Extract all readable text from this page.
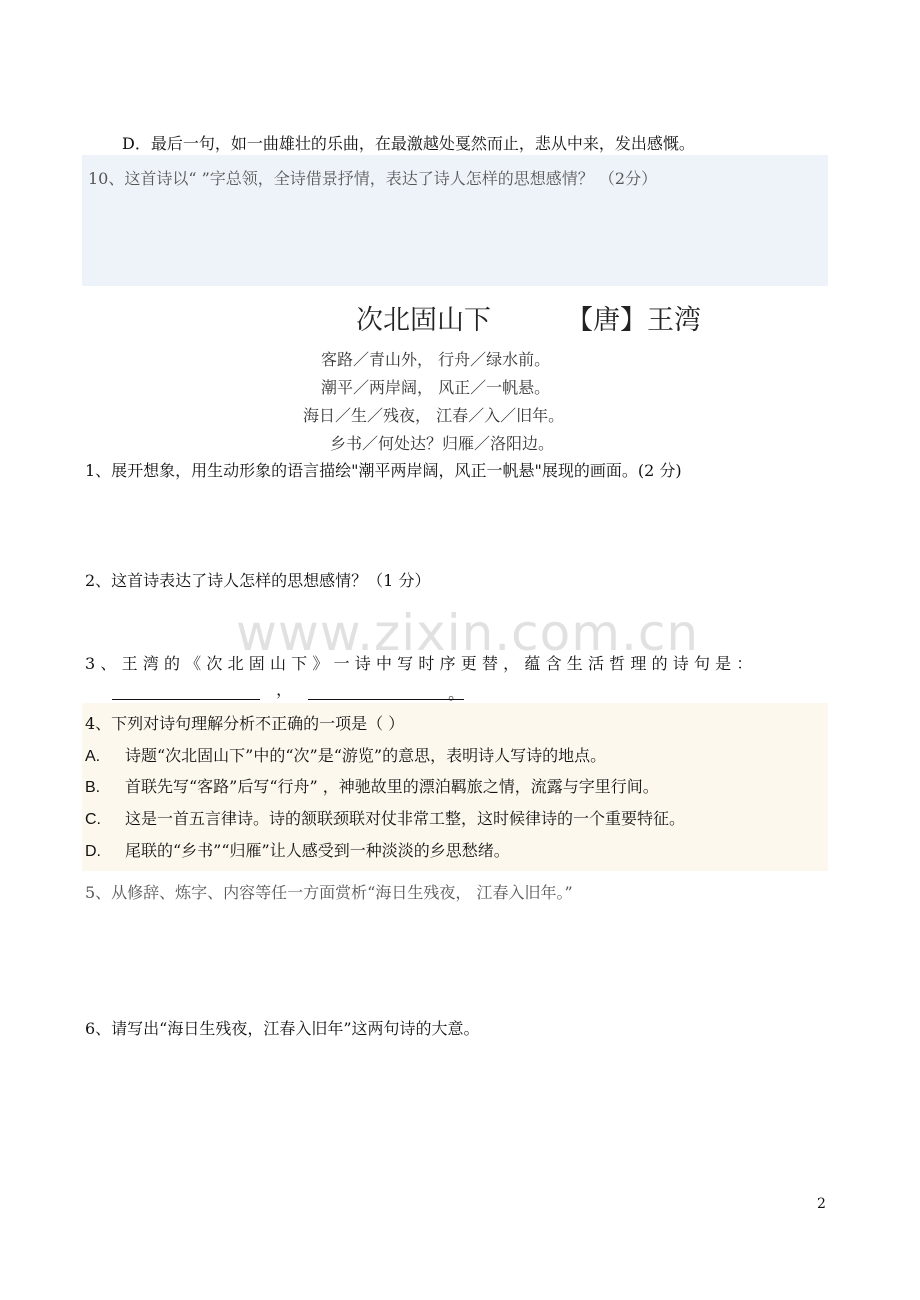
D．最后一句，如一曲雄壮的乐曲，在最激越处戛然而止，悲从中来，发出感慨。
10、这首诗以“ ”字总领，全诗借景抒情，表达了诗人怎样的思想感情？ （2分）
次北固山下	【唐】王湾
客路／青山外， 行舟／绿水前。
潮平／两岸阔， 风正／一帆悬。
海日／生／残夜， 江春／入／旧年。
乡书／何处达？归雁／洛阳边。
1、展开想象，用生动形象的语言描绘"潮平两岸阔，风正一帆悬"展现的画面。(2 分)
2、这首诗表达了诗人怎样的思想感情？（1 分）
www.zixin.com.cn
3、王湾的《次北固山下》一诗中写时序更替，蕴含生活哲理的诗句是：
，	。
4、下列对诗句理解分析不正确的一项是（ ）
A. 诗题“次北固山下”中的“次”是“游览”的意思，表明诗人写诗的地点。
B. 首联先写“客路”后写“行舟” ，神驰故里的漂泊羁旅之情，流露与字里行间。
C. 这是一首五言律诗。诗的颔联颈联对仗非常工整，这时候律诗的一个重要特征。
D. 尾联的“乡书”“归雁”让人感受到一种淡淡的乡思愁绪。
5、从修辞、炼字、内容等任一方面赏析“海日生残夜， 江春入旧年。”
6、请写出“海日生残夜，江春入旧年”这两句诗的大意。
2
